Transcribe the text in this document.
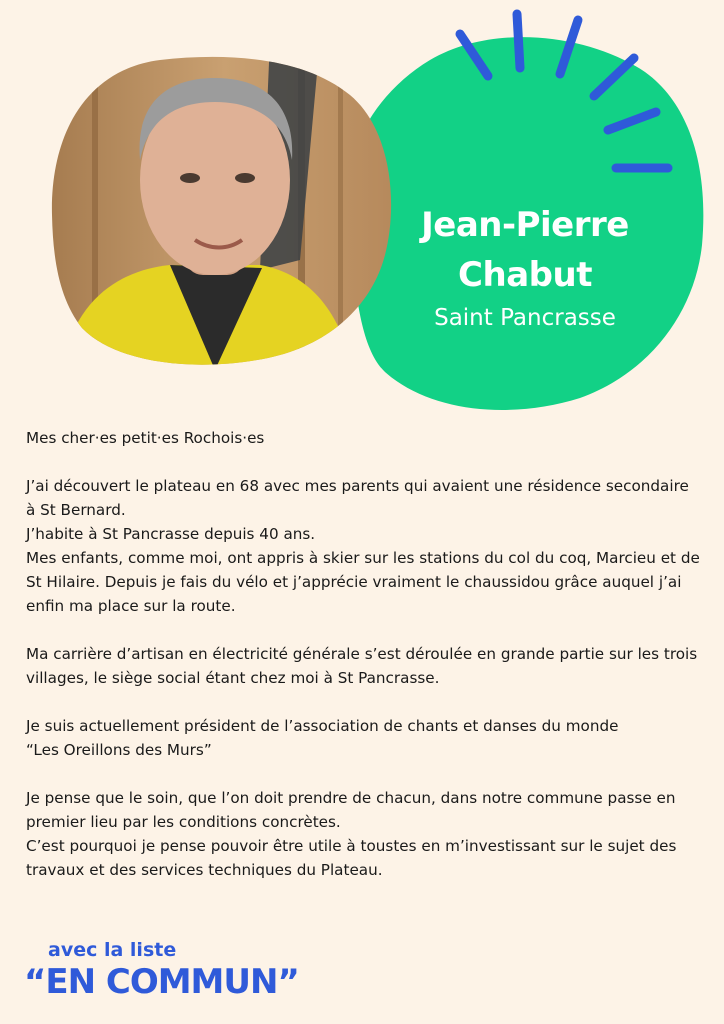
Jean-Pierre
Chabut
Saint Pancrasse

Mes cher·es petit·es Rochois·es

J’ai découvert le plateau en 68 avec mes parents qui avaient une résidence secondaire à St Bernard.
J’habite à St Pancrasse depuis 40 ans.
Mes enfants, comme moi, ont appris à skier sur les stations du col du coq, Marcieu et de St Hilaire. Depuis je fais du vélo et j’apprécie vraiment le chaussidou grâce auquel j’ai enfin ma place sur la route.

Ma carrière d’artisan en électricité générale s’est déroulée en grande partie sur les trois villages, le siège social étant chez moi à St Pancrasse.

Je suis actuellement président de l’association de chants et danses du monde
“Les Oreillons des Murs”

Je pense que le soin, que l’on doit prendre de chacun, dans notre commune passe en premier lieu par les conditions concrètes.
C’est pourquoi je pense pouvoir être utile à toustes en m’investissant sur le sujet des travaux et des services techniques du Plateau.

avec la liste
“EN COMMUN”
